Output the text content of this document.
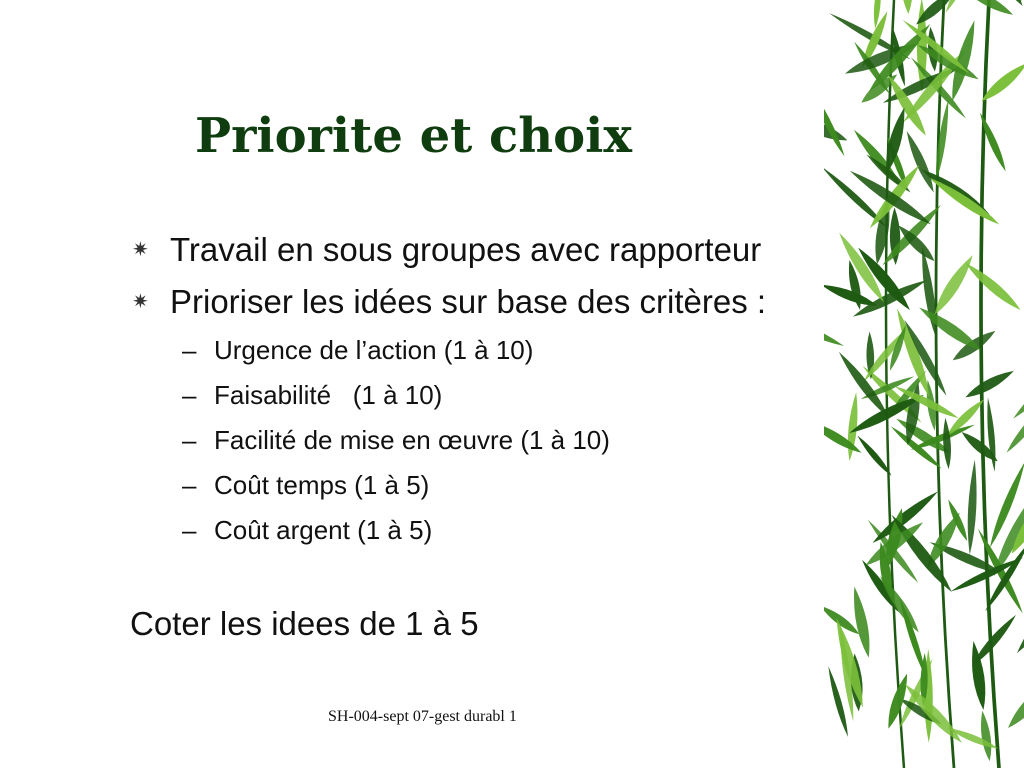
Priorite et choix
✷ Travail en sous groupes avec rapporteur
✷ Prioriser les idées sur base des critères :
– Urgence de l’action (1 à 10)
– Faisabilité   (1 à 10)
– Facilité de mise en œuvre (1 à 10)
– Coût temps (1 à 5)
– Coût argent (1 à 5)
Coter les idees de 1 à 5
SH-004-sept 07-gest durabl 1
